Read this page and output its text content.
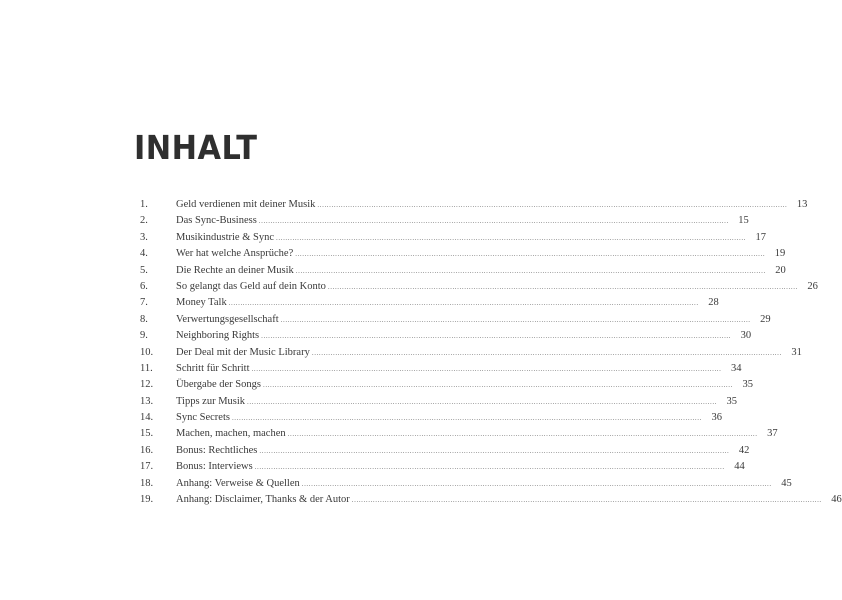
INHALT
1.	Geld verdienen mit deiner Musik ........................................................................................................................................................................................................ 13
2.	Das Sync-Business ........................................................................................................................................................................................................ 15
3.	Musikindustrie & Sync ........................................................................................................................................................................................................ 17
4.	Wer hat welche Ansprüche? ........................................................................................................................................................................................................ 19
5.	Die Rechte an deiner Musik ........................................................................................................................................................................................................ 20
6.	So gelangt das Geld auf dein Konto ........................................................................................................................................................................................................ 26
7.	Money Talk ........................................................................................................................................................................................................ 28
8.	Verwertungsgesellschaft ........................................................................................................................................................................................................ 29
9.	Neighboring Rights ........................................................................................................................................................................................................ 30
10. Der Deal mit der Music Library ........................................................................................................................................................................................................ 31
11. Schritt für Schritt ........................................................................................................................................................................................................ 34
12. Übergabe der Songs ........................................................................................................................................................................................................ 35
13. Tipps zur Musik ........................................................................................................................................................................................................ 35
14. Sync Secrets ........................................................................................................................................................................................................ 36
15. Machen, machen, machen ........................................................................................................................................................................................................ 37
16. Bonus: Rechtliches ........................................................................................................................................................................................................ 42
17. Bonus: Interviews ........................................................................................................................................................................................................ 44
18. Anhang: Verweise & Quellen ........................................................................................................................................................................................................ 45
19. Anhang: Disclaimer, Thanks & der Autor ........................................................................................................................................................................................................ 46
